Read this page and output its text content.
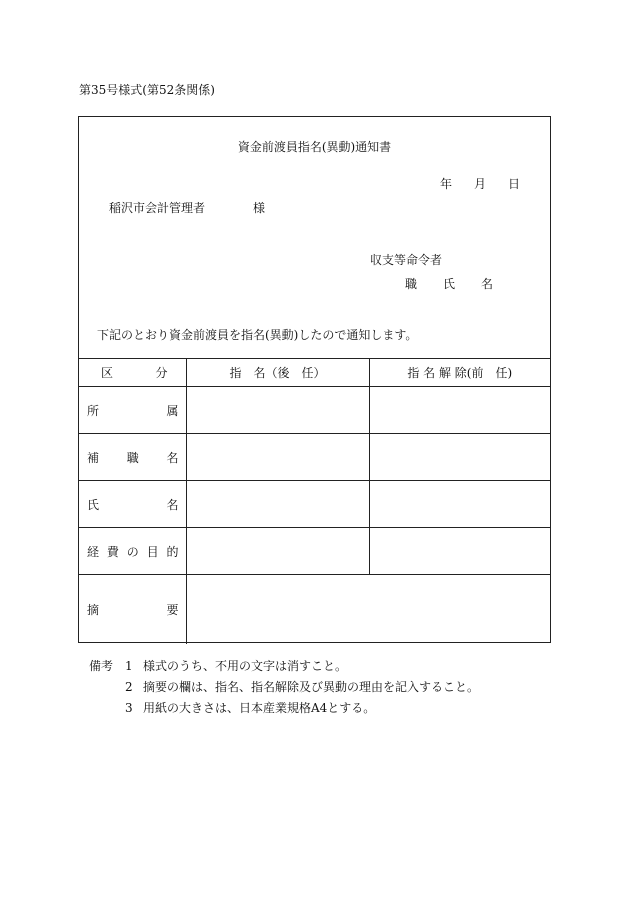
第35号様式(第52条関係)
資金前渡員指名(異動)通知書
年 月 日
稲沢市会計管理者	様
収支等命令者
職 氏 名
下記のとおり資金前渡員を指名(異動)したので通知します。
区 分	指　名（後　任）	指 名 解 除(前　任)

所 属		

補 職 名		

氏 名		

経 費 の 目 的		

摘 要		

備考 1 様式のうち、不用の文字は消すこと。
2 摘要の欄は、指名、指名解除及び異動の理由を記入すること。
3 用紙の大きさは、日本産業規格A4とする。
